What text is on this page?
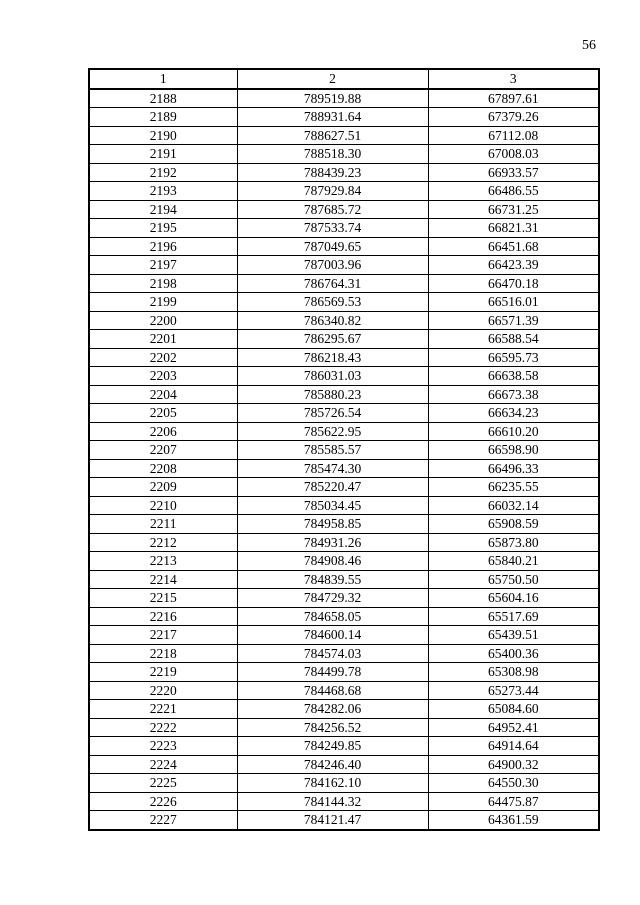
56
1	2	3
2188	789519.88	67897.61
2189	788931.64	67379.26
2190	788627.51	67112.08
2191	788518.30	67008.03
2192	788439.23	66933.57
2193	787929.84	66486.55
2194	787685.72	66731.25
2195	787533.74	66821.31
2196	787049.65	66451.68
2197	787003.96	66423.39
2198	786764.31	66470.18
2199	786569.53	66516.01
2200	786340.82	66571.39
2201	786295.67	66588.54
2202	786218.43	66595.73
2203	786031.03	66638.58
2204	785880.23	66673.38
2205	785726.54	66634.23
2206	785622.95	66610.20
2207	785585.57	66598.90
2208	785474.30	66496.33
2209	785220.47	66235.55
2210	785034.45	66032.14
2211	784958.85	65908.59
2212	784931.26	65873.80
2213	784908.46	65840.21
2214	784839.55	65750.50
2215	784729.32	65604.16
2216	784658.05	65517.69
2217	784600.14	65439.51
2218	784574.03	65400.36
2219	784499.78	65308.98
2220	784468.68	65273.44
2221	784282.06	65084.60
2222	784256.52	64952.41
2223	784249.85	64914.64
2224	784246.40	64900.32
2225	784162.10	64550.30
2226	784144.32	64475.87
2227	784121.47	64361.59
